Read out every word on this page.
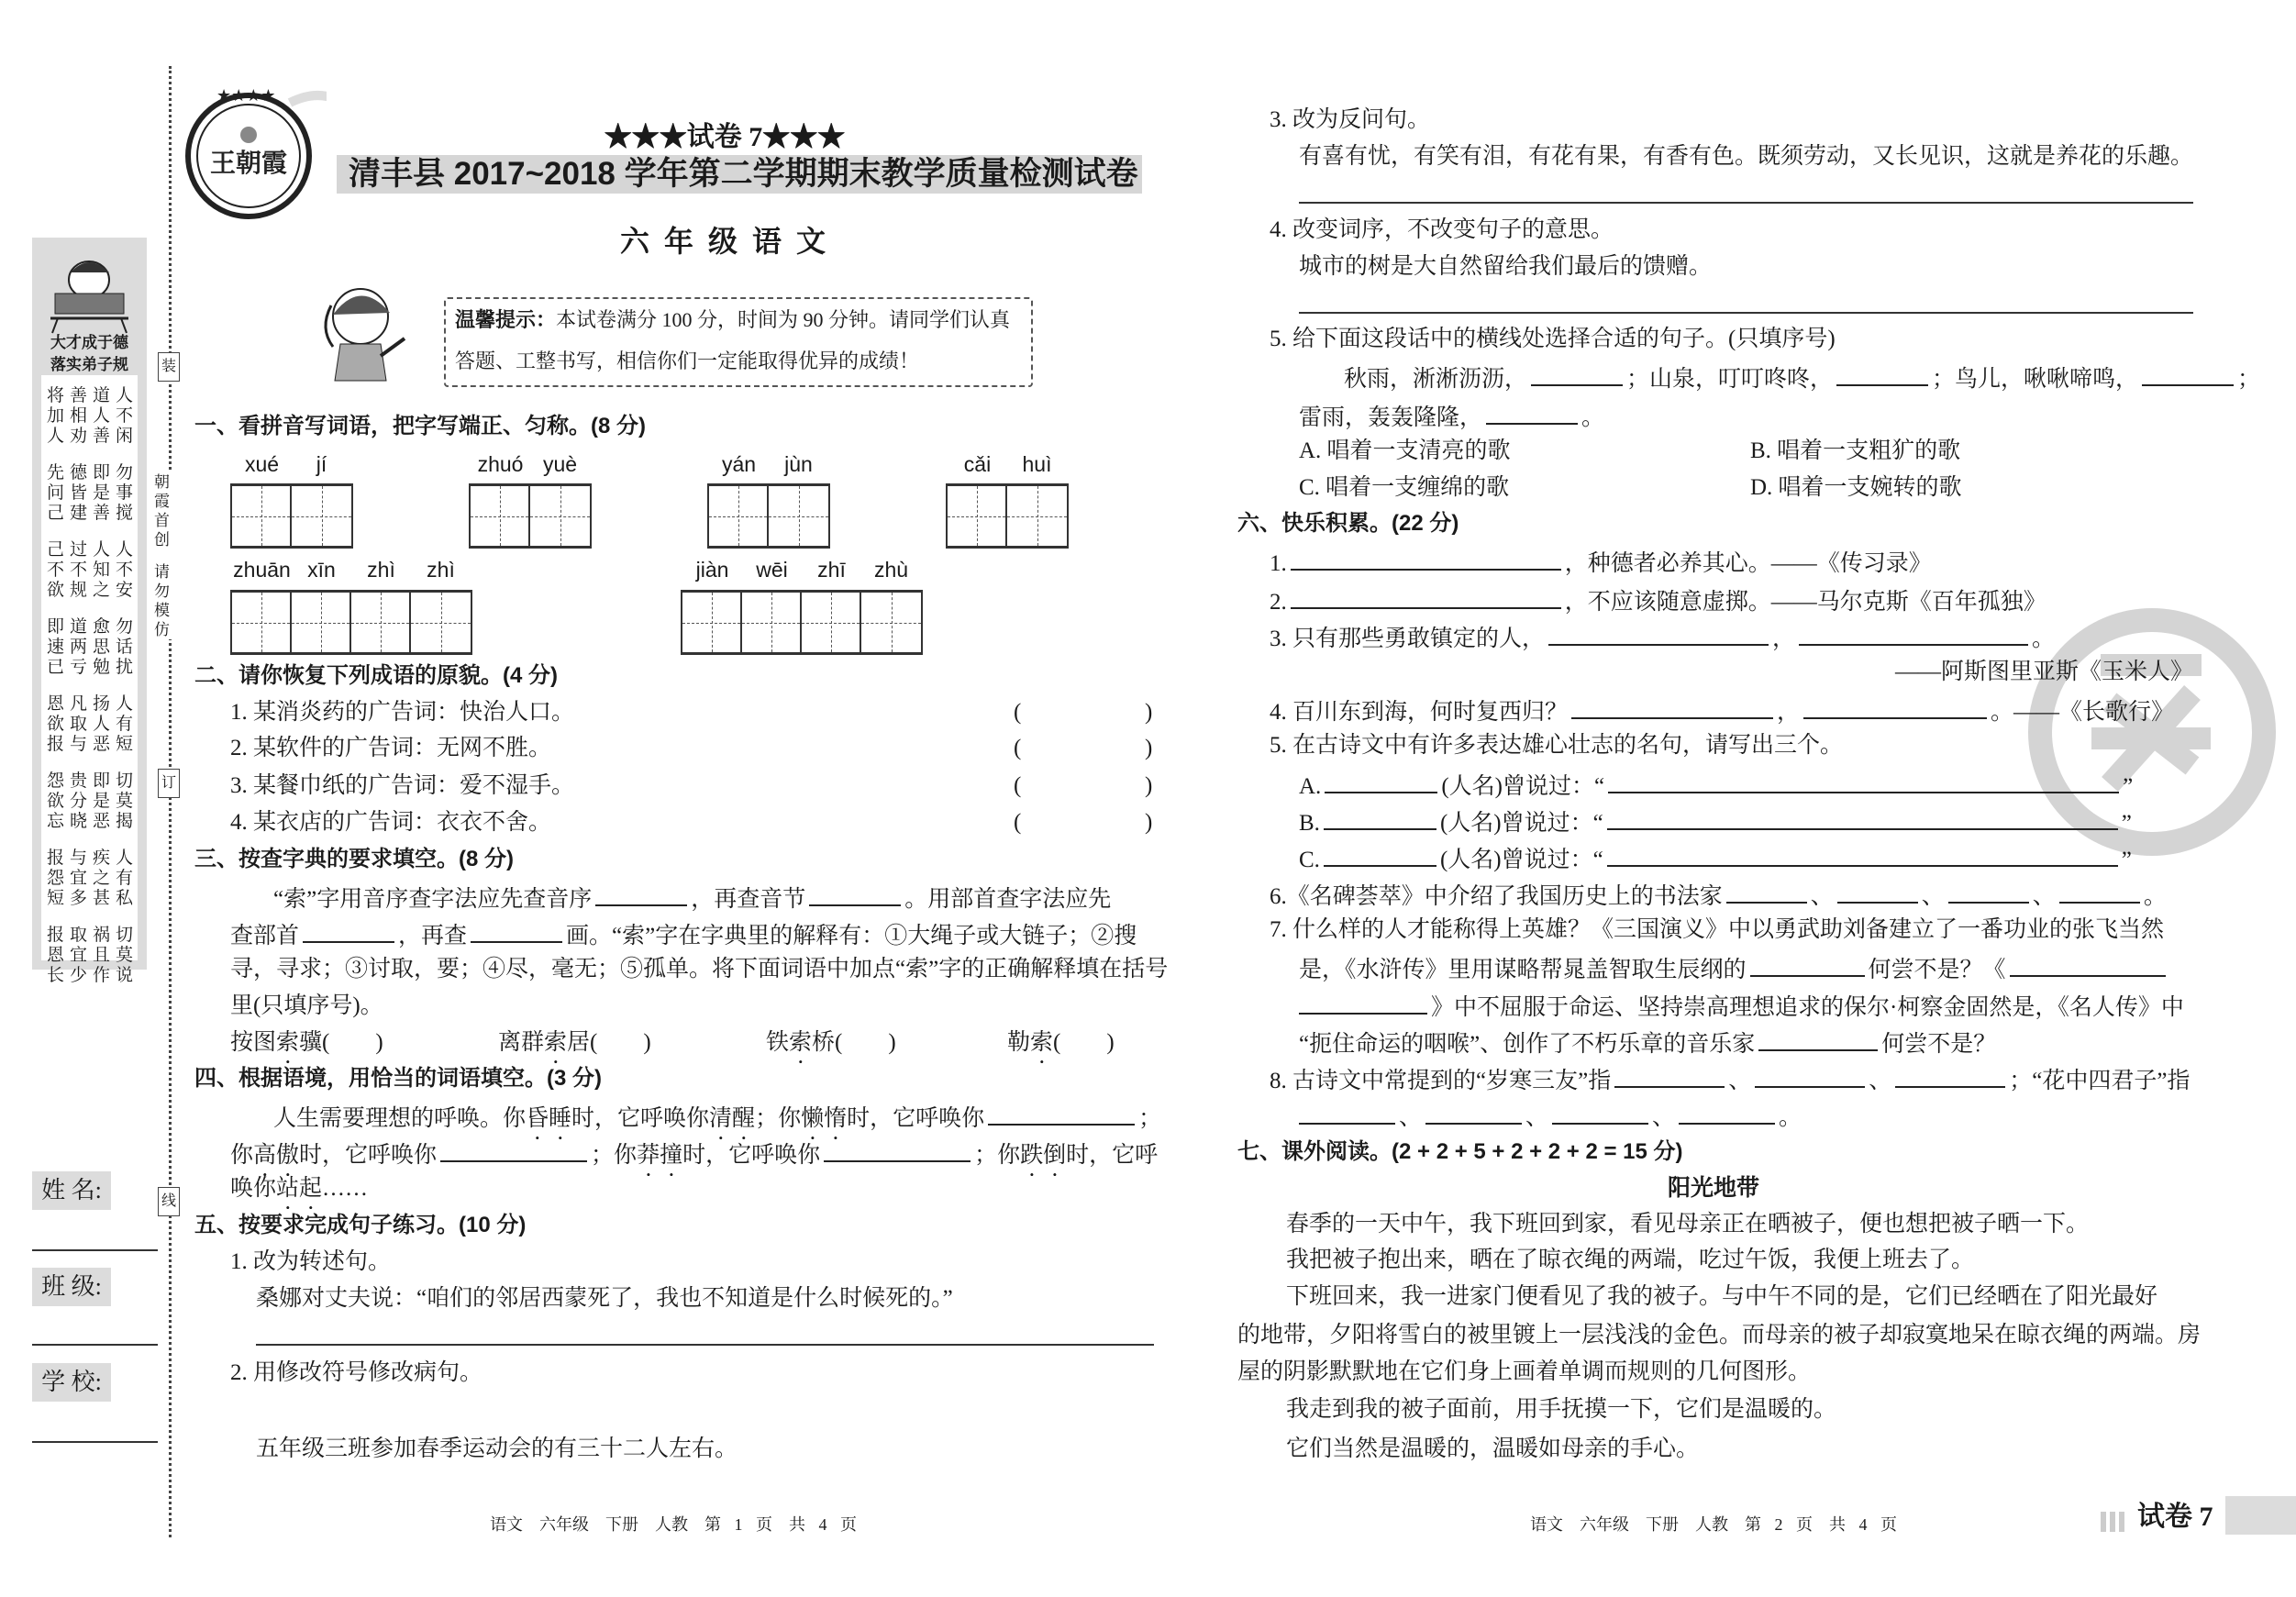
装
订
线
朝霞首创
请勿模仿
大才成于德
落实弟子规
将善道人
加相人不
人劝善闲
先德即勿
问皆是事
己建善搅
己过人人
不不知不
欲规之安
即道愈勿
速两思话
已亏勉扰
恩凡扬人
欲取人有
报与恶短
怨贵即切
欲分是莫
忘晓恶揭
报与疾人
怨宜之有
短多甚私
报取祸切
恩宜且莫
长少作说
姓 名:
班 级:
学 校:
★★★★
王朝霞
★★★试卷 7★★★
清丰县 2017~2018 学年第二学期期末教学质量检测试卷
六 年 级 语 文
温馨提示：本试卷满分 100 分，时间为 90 分钟。请同学们认真
答题、工整书写，相信你们一定能取得优异的成绩！
一、看拼音写词语，把字写端正、匀称。(8 分)
xué	jí	zhuó yuè	yán	jùn	cǎi	huì
zhuān xīn	zhì	zhì	jiàn	wēi	zhī	zhù
二、请你恢复下列成语的原貌。(4 分)
1. 某消炎药的广告词：快治人口。	(	)
2. 某软件的广告词：无网不胜。	(	)
3. 某餐巾纸的广告词：爱不湿手。	(	)
4. 某衣店的广告词：衣衣不舍。	(	)
三、按查字典的要求填空。(8 分)
“索”字用音序查字法应先查音序	，再查音节	。用部首查字法应先
查部首	，再查	画。“索”字在字典里的解释有：①大绳子或大链子；②搜
寻，寻求；③讨取，要；④尽，毫无；⑤孤单。将下面词语中加点“索”字的正确解释填在括号
里(只填序号)。
按图索骥(　　)	离群索居(　　)	铁索桥(　　)	勒索(　　)
四、根据语境，用恰当的词语填空。(3 分)
人生需要理想的呼唤。你昏睡时，它呼唤你清醒；你懒惰时，它呼唤你	；
你高傲时，它呼唤你	；你莽撞时，它呼唤你	；你跌倒时，它呼
唤你站起……
五、按要求完成句子练习。(10 分)
1. 改为转述句。
桑娜对丈夫说：“咱们的邻居西蒙死了，我也不知道是什么时候死的。”
2. 用修改符号修改病句。
五年级三班参加春季运动会的有三十二人左右。
语文　六年级　下册　人教　第 1 页　共 4 页
3. 改为反问句。
有喜有忧，有笑有泪，有花有果，有香有色。既须劳动，又长见识，这就是养花的乐趣。
4. 改变词序，不改变句子的意思。
城市的树是大自然留给我们最后的馈赠。
5. 给下面这段话中的横线处选择合适的句子。(只填序号)
秋雨，淅淅沥沥，	；山泉，叮叮咚咚，	；鸟儿，啾啾啼鸣，	；
雷雨，轰轰隆隆，	。
A. 唱着一支清亮的歌	B. 唱着一支粗犷的歌
C. 唱着一支缠绵的歌	D. 唱着一支婉转的歌
六、快乐积累。(22 分)
1.	，种德者必养其心。——《传习录》
2.	，不应该随意虚掷。——马尔克斯《百年孤独》
3. 只有那些勇敢镇定的人，	，	。
——阿斯图里亚斯《玉米人》
4. 百川东到海，何时复西归？	，	。——《长歌行》
5. 在古诗文中有许多表达雄心壮志的名句，请写出三个。
A.	(人名)曾说过：“	”
B.	(人名)曾说过：“	”
C.	(人名)曾说过：“	”
6.《名碑荟萃》中介绍了我国历史上的书法家	、	、	、	。
7. 什么样的人才能称得上英雄？《三国演义》中以勇武助刘备建立了一番功业的张飞当然
是，《水浒传》里用谋略帮晁盖智取生辰纲的	何尝不是？《
》中不屈服于命运、坚持崇高理想追求的保尔·柯察金固然是，《名人传》中
“扼住命运的咽喉”、创作了不朽乐章的音乐家	何尝不是？
8. 古诗文中常提到的“岁寒三友”指	、	、	；“花中四君子”指
、	、	、	。
七、课外阅读。(2 + 2 + 5 + 2 + 2 + 2 = 15 分)
阳光地带
春季的一天中午，我下班回到家，看见母亲正在晒被子，便也想把被子晒一下。
我把被子抱出来，晒在了晾衣绳的两端，吃过午饭，我便上班去了。
下班回来，我一进家门便看见了我的被子。与中午不同的是，它们已经晒在了阳光最好
的地带，夕阳将雪白的被里镀上一层浅浅的金色。而母亲的被子却寂寞地呆在晾衣绳的两端。房
屋的阴影默默地在它们身上画着单调而规则的几何图形。
我走到我的被子面前，用手抚摸一下，它们是温暖的。
它们当然是温暖的，温暖如母亲的手心。
语文　六年级　下册　人教　第 2 页　共 4 页	试卷 7
